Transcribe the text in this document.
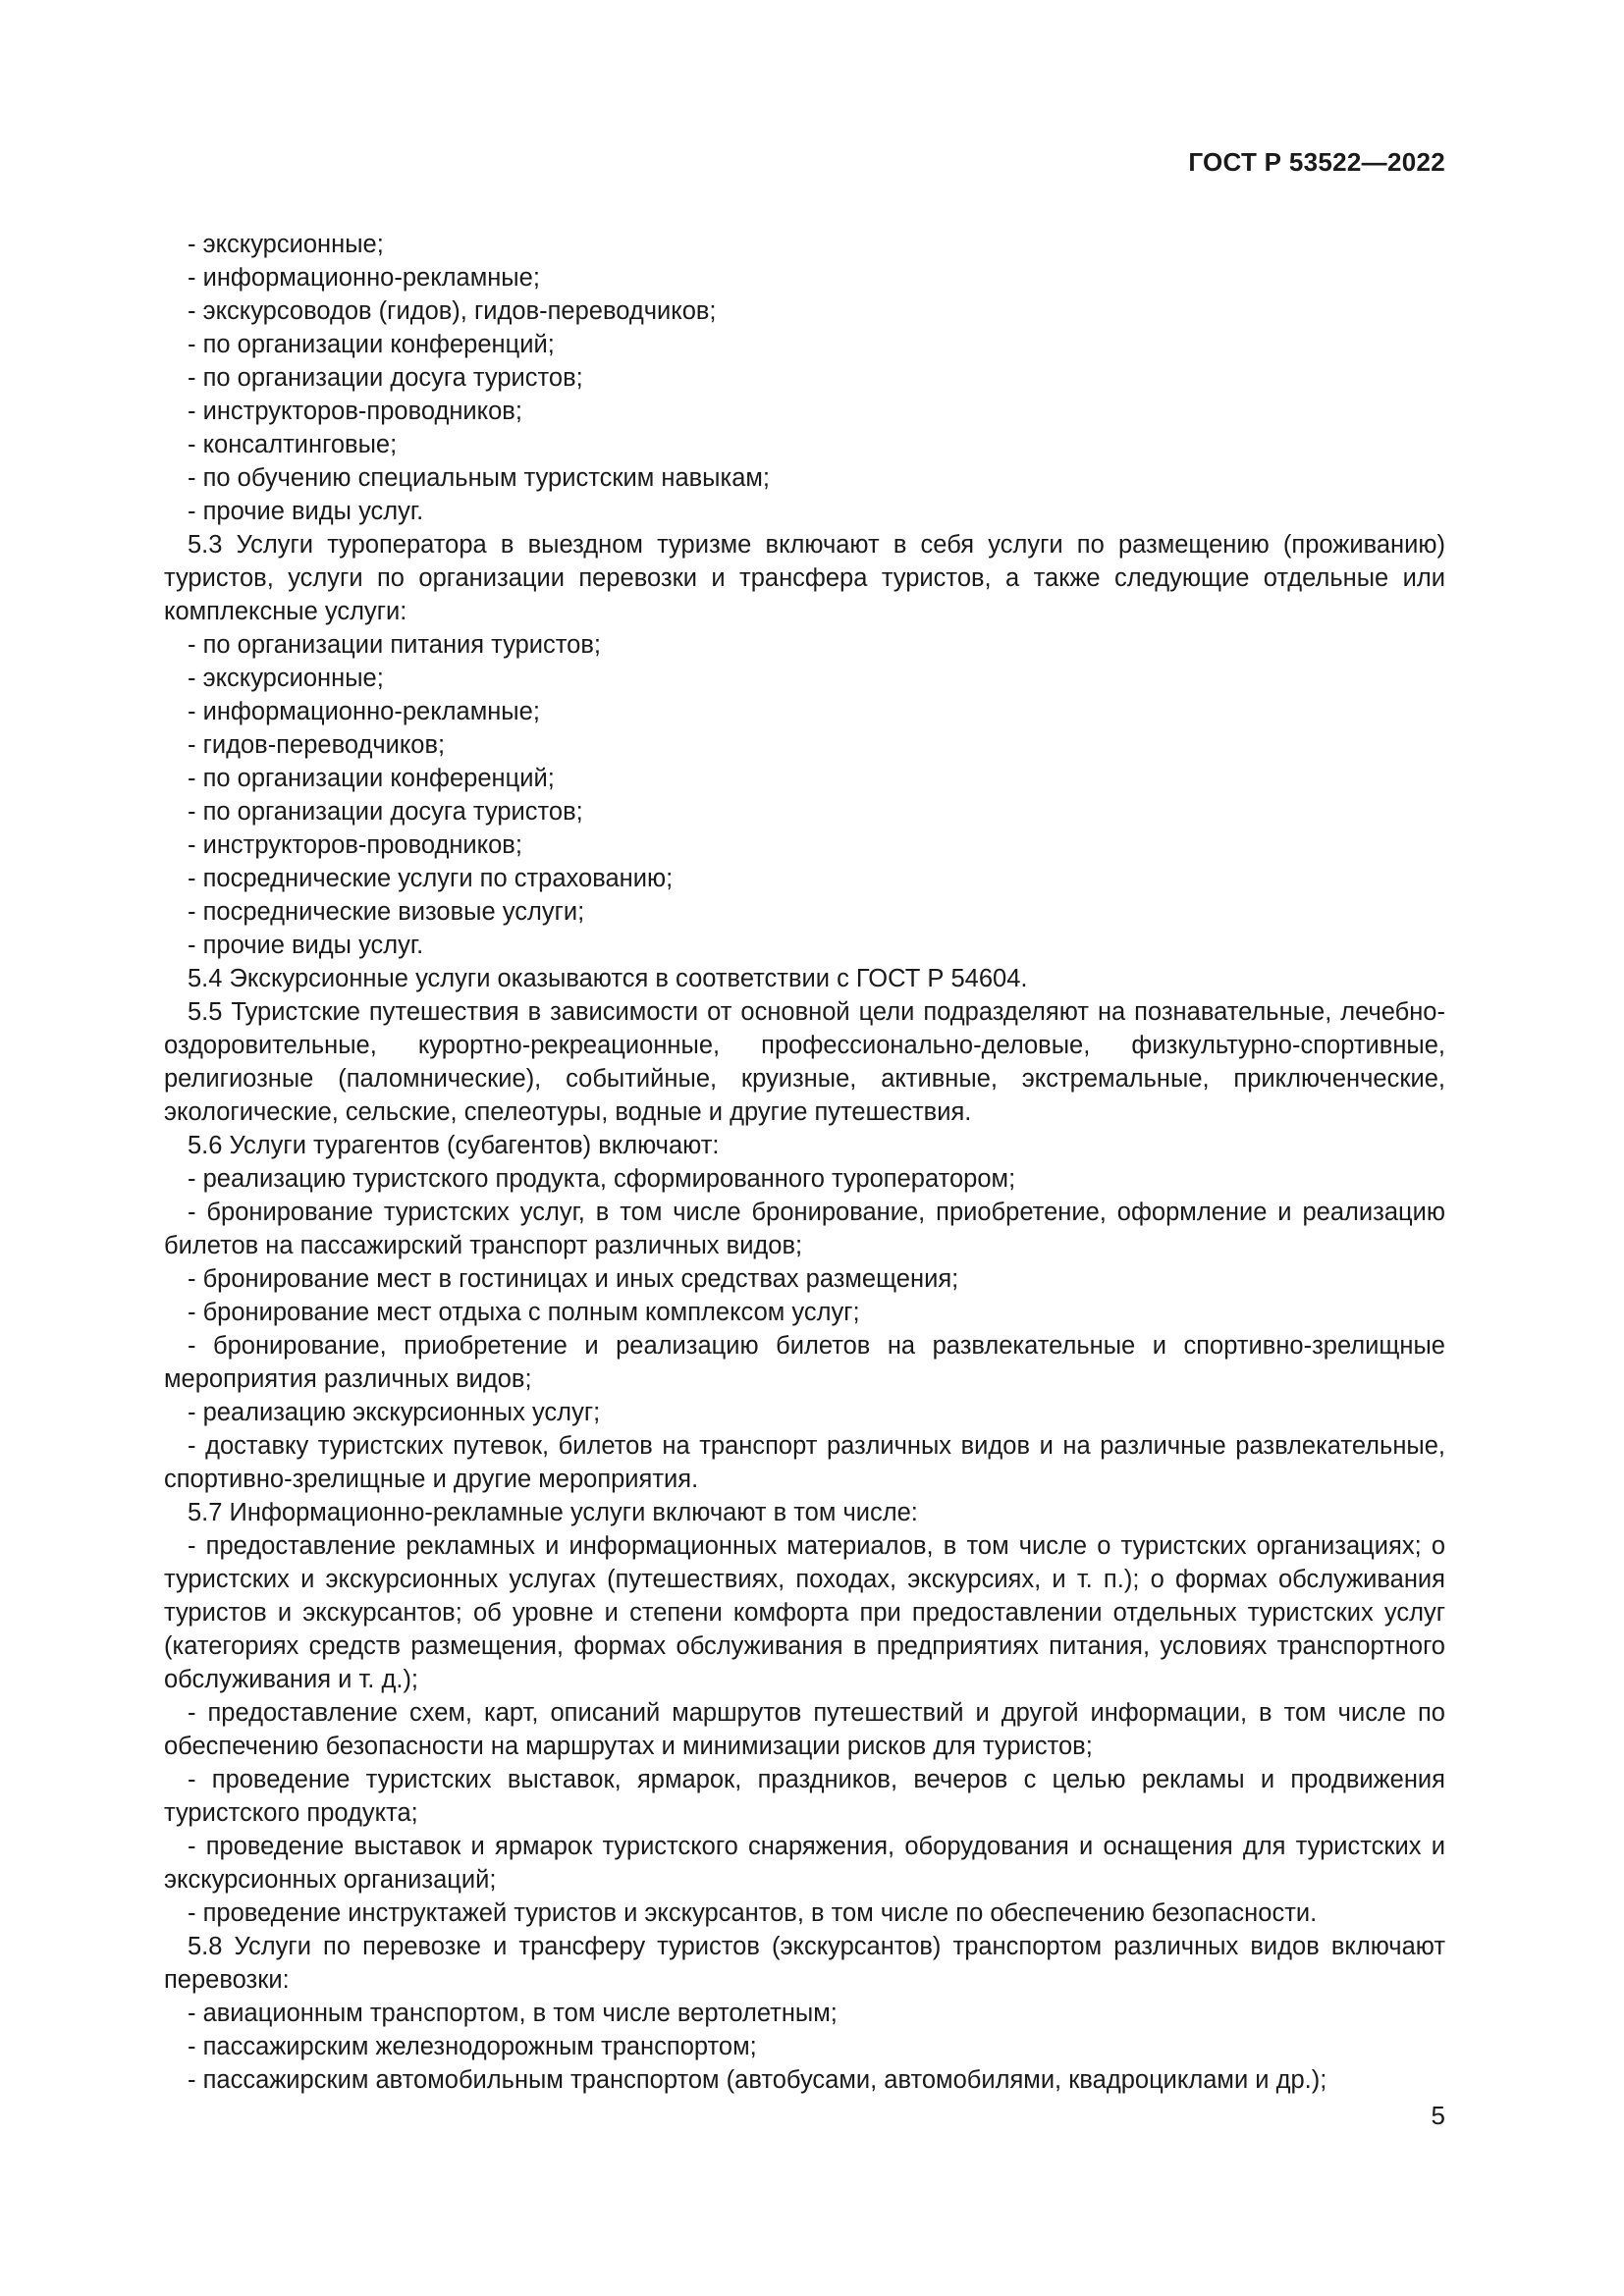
ГОСТ Р 53522—2022

- экскурсионные;

- информационно-рекламные;

- экскурсоводов (гидов), гидов-переводчиков;

- по организации конференций;

- по организации досуга туристов;

- инструкторов-проводников;

- консалтинговые;

- по обучению специальным туристским навыкам;

- прочие виды услуг.

5.3 Услуги туроператора в выездном туризме включают в себя услуги по размещению (проживанию) туристов, услуги по организации перевозки и трансфера туристов, а также следующие отдельные или комплексные услуги:

- по организации питания туристов;

- экскурсионные;

- информационно-рекламные;

- гидов-переводчиков;

- по организации конференций;

- по организации досуга туристов;

- инструкторов-проводников;

- посреднические услуги по страхованию;

- посреднические визовые услуги;

- прочие виды услуг.

5.4 Экскурсионные услуги оказываются в соответствии с ГОСТ Р 54604.

5.5 Туристские путешествия в зависимости от основной цели подразделяют на познавательные, лечебно-оздоровительные, курортно-рекреационные, профессионально-деловые, физкультурно-спортивные, религиозные (паломнические), событийные, круизные, активные, экстремальные, приключенческие, экологические, сельские, спелеотуры, водные и другие путешествия.

5.6 Услуги турагентов (субагентов) включают:

- реализацию туристского продукта, сформированного туроператором;

- бронирование туристских услуг, в том числе бронирование, приобретение, оформление и реализацию билетов на пассажирский транспорт различных видов;

- бронирование мест в гостиницах и иных средствах размещения;

- бронирование мест отдыха с полным комплексом услуг;

- бронирование, приобретение и реализацию билетов на развлекательные и спортивно-зрелищные мероприятия различных видов;

- реализацию экскурсионных услуг;

- доставку туристских путевок, билетов на транспорт различных видов и на различные развлекательные, спортивно-зрелищные и другие мероприятия.

5.7 Информационно-рекламные услуги включают в том числе:

- предоставление рекламных и информационных материалов, в том числе о туристских организациях; о туристских и экскурсионных услугах (путешествиях, походах, экскурсиях, и т. п.); о формах обслуживания туристов и экскурсантов; об уровне и степени комфорта при предоставлении отдельных туристских услуг (категориях средств размещения, формах обслуживания в предприятиях питания, условиях транспортного обслуживания и т. д.);

- предоставление схем, карт, описаний маршрутов путешествий и другой информации, в том числе по обеспечению безопасности на маршрутах и минимизации рисков для туристов;

- проведение туристских выставок, ярмарок, праздников, вечеров с целью рекламы и продвижения туристского продукта;

- проведение выставок и ярмарок туристского снаряжения, оборудования и оснащения для туристских и экскурсионных организаций;

- проведение инструктажей туристов и экскурсантов, в том числе по обеспечению безопасности.

5.8 Услуги по перевозке и трансферу туристов (экскурсантов) транспортом различных видов включают перевозки:

- авиационным транспортом, в том числе вертолетным;

- пассажирским железнодорожным транспортом;

- пассажирским автомобильным транспортом (автобусами, автомобилями, квадроциклами и др.);

5
